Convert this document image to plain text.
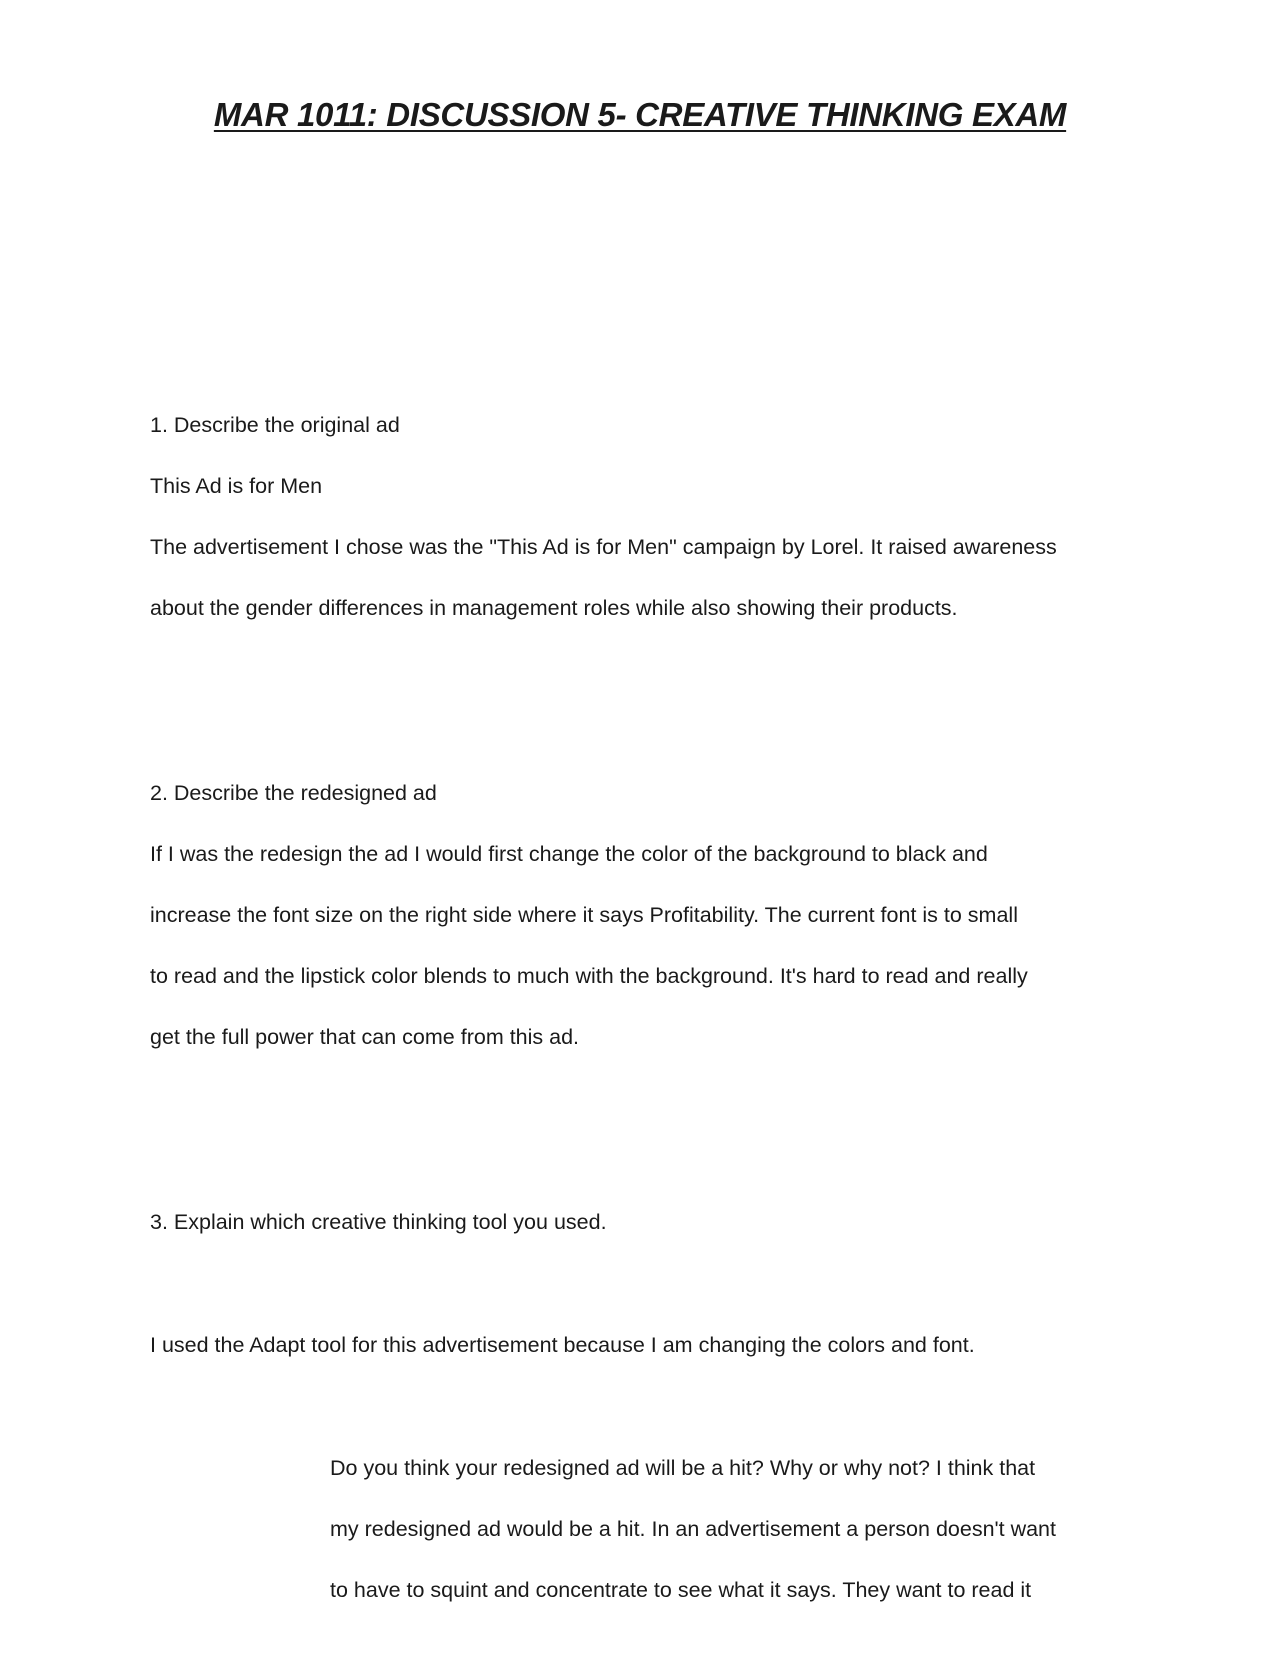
MAR 1011: DISCUSSION 5- CREATIVE THINKING EXAM

1. Describe the original ad

This Ad is for Men

The advertisement I chose was the "This Ad is for Men" campaign by Lorel. It raised awareness

about the gender differences in management roles while also showing their products.

2. Describe the redesigned ad

If I was the redesign the ad I would first change the color of the background to black and

increase the font size on the right side where it says Profitability. The current font is to small

to read and the lipstick color blends to much with the background. It's hard to read and really

get the full power that can come from this ad.

3. Explain which creative thinking tool you used.

I used the Adapt tool for this advertisement because I am changing the colors and font.

Do you think your redesigned ad will be a hit? Why or why not? I think that

my redesigned ad would be a hit. In an advertisement a person doesn't want

to have to squint and concentrate to see what it says. They want to read it
